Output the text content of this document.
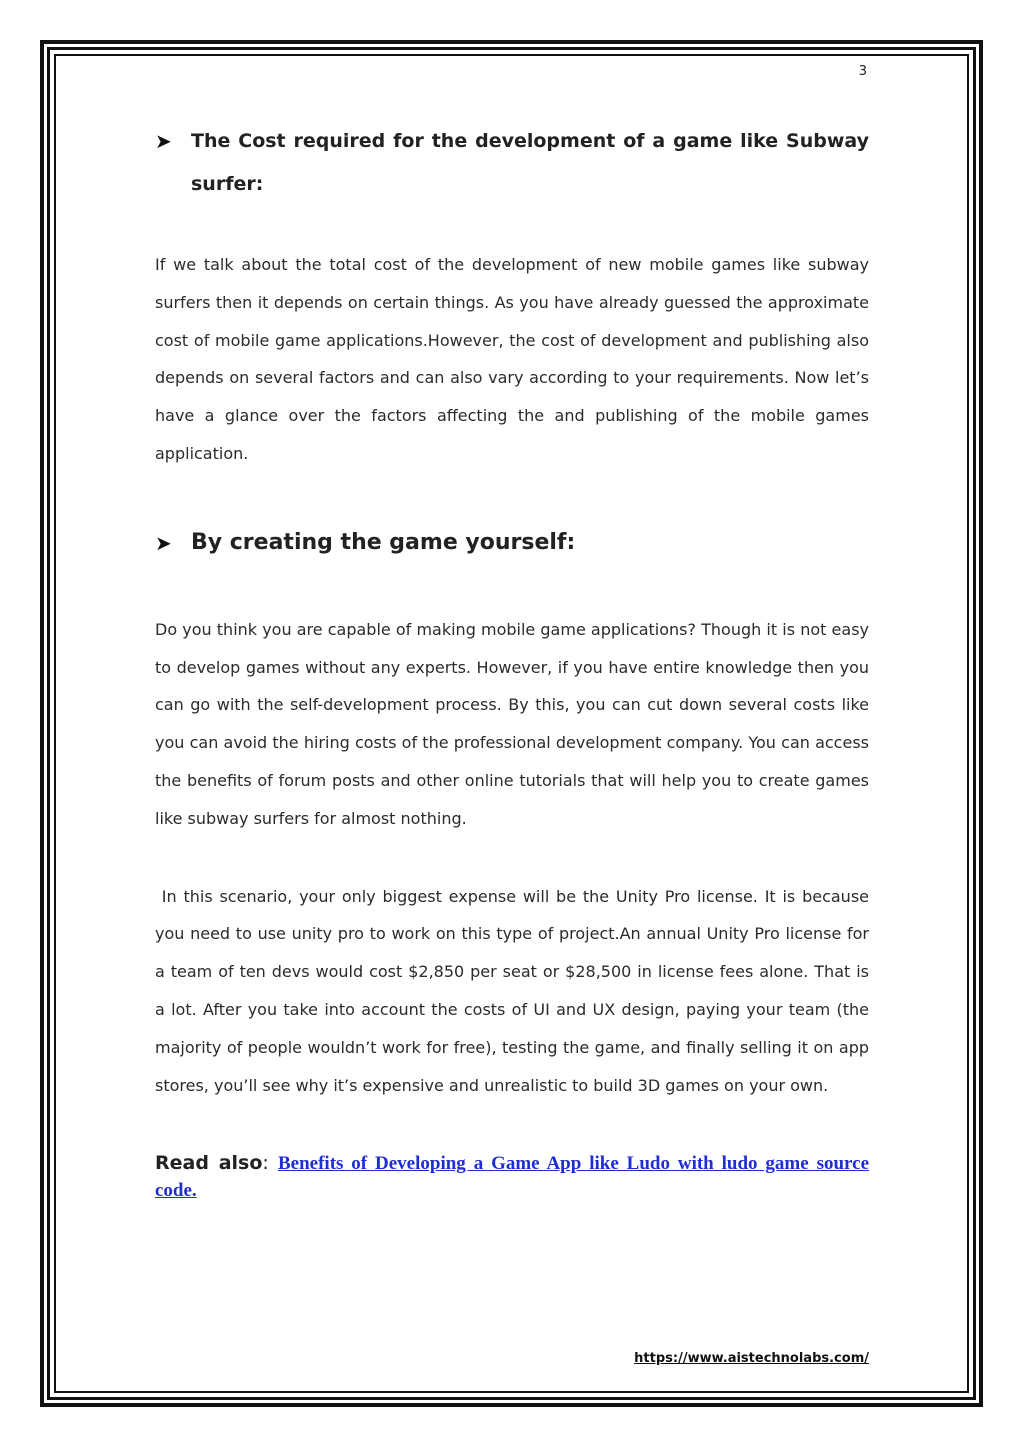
3
➤	The Cost required for the development of a game like Subway surfer:

If we talk about the total cost of the development of new mobile games like subway surfers then it depends on certain things. As you have already guessed the approximate cost of mobile game applications.However, the cost of development and publishing also depends on several factors and can also vary according to your requirements. Now let’s have a glance over the factors affecting the and publishing of the mobile games application.

➤ By creating the game yourself:

Do you think you are capable of making mobile game applications? Though it is not easy to develop games without any experts. However, if you have entire knowledge then you can go with the self-development process. By this, you can cut down several costs like you can avoid the hiring costs of the professional development company. You can access the benefits of forum posts and other online tutorials that will help you to create games like subway surfers for almost nothing.

In this scenario, your only biggest expense will be the Unity Pro license. It is because you need to use unity pro to work on this type of project.An annual Unity Pro license for a team of ten devs would cost $2,850 per seat or $28,500 in license fees alone. That is a lot. After you take into account the costs of UI and UX design, paying your team (the majority of people wouldn’t work for free), testing the game, and finally selling it on app stores, you’ll see why it’s expensive and unrealistic to build 3D games on your own.

Read also: Benefits of Developing a Game App like Ludo with ludo game source code.
https://www.aistechnolabs.com/
